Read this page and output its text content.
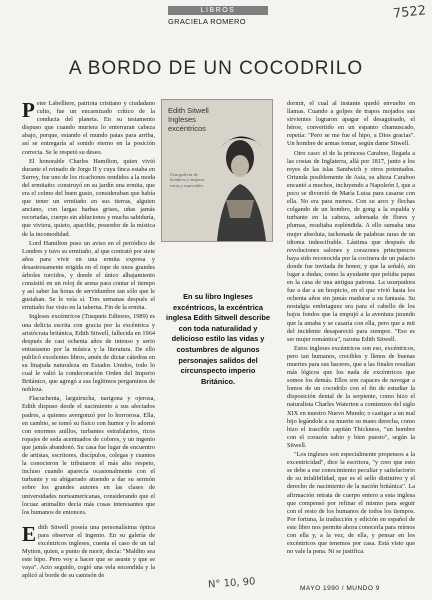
LIBROS
GRACIELA ROMERO	7522
A BORDO DE UN COCODRILO
P eter Labelliere, patriota cristiano y ciudadano culto, fue un encarnizado crítico de la conducta del planeta. En su testamento dispuso que cuando muriera lo enterraran cabeza abajo, porque, estando el mundo patas para arriba, así se entregaría al sonido eterno en la posición correcta. Se le respetó su deseo.

El honorable Charles Hamilton, quien vivió durante el reinado de Jorge II y cuya finca estaba en Surrey, fue uno de los ricachones rendidos a la moda del ermitaño: construyó en su jardín una ermita, que era el colmo del buen gusto, consideraban que había que tener un ermitaño en sus tierras, alguien anciano, con largas barbas grises, uñas jamás recortadas, cuerpo sin abluciones y mucha sabiduría, que viviera, quieto, apacible, poseedor de la mística de la incomodidad.

Lord Hamilton puso un aviso en el periódico de Londres y tuvo su ermitaño, al que contrató por siete años para vivir en una ermita expresa y desastrosamente erigida en el tope de unos grandes árboles torcidos, y donde el único alhajamiento consistió en un reloj de arena para contar el tiempo y así saber las horas de servidumbre tan sólo que le gustaban. Se le veía sí. Tres semanas después el ermitaño fue visto en la taberna. Fin de la ermita.

Ingleses excéntricos (Tusquets Editores, 1989) es una delicia escrita con gracia por la excéntrica y aristócrata británica, Edith Sitwell, fallecida en 1964 después de casi ochenta años de intenso y serio entusiasmo por la música y la literatura. De ello publicó excelentes libros, amén de dictar cátedras en su linajuda naturaleza en Estados Unidos, todo lo cual le valió la condecoración Orden del Imperio Británico, que agregó a sus legítimos pergaminos de nobleza.

Flacuchenta, larguirucha, narigona y ojerosa, Edith dispuso desde el nacimiento a sus afectados padres, a quienes avergonzó por lo horrorosa. Ella, en cambio, se tomó su físico con humor y lo adornó con enormes anillos, turbantes estrafalarios, ricos ropajes de seda acentuados de colores, y un ingenio que jamás abandonó. Su casa fue lugar de encuentro de artistas, escritores, discípulos, colegas y cuantos la conocieron le tributaron el más alto respeto, incluso cuando aparecía ocasionalmente con el turbante y su abigarrado atuendo a dar su sermón sobre los grandes autores en las clases de universidades norteamericanas, considerando que el locuaz animalito decía más cosas interesantes que los humanos de entonces.

E dith Sitwell poseía una personalísima óptica para observar el ingenio. En su galería de excéntricos ingleses, cuenta el caso de un tal Mytton, quien, a punto de morir, decía: "Maldito sea este hipo. Pero voy a hacer que se asuste y que se vaya". Acto seguido, cogió una vela encendida y la aplicó al borde de su camisón de

Edith Sitwell
Ingleses excéntricos
Una galería de hombres y mujeres raros y especiales
En su libro Ingleses excéntricos, la excéntrica inglesa Edith Sitwell describe con toda naturalidad y delicioso estilo las vidas y costumbres de algunos personajes salidos del circunspecto imperio Británico.

dormir, el cual al instante quedó envuelto en llamas. Cuando a golpes de trapos mojados sus sirvientes lograron apagar el desaguisado, el héroe, convertido en un espanto chamuscado, repetía: "Pero se me fue el hipo, a Dios gracias". Un hombre de armas tomar, según dame Sitwell.

Otro caso: el de la princesa Caraboo, llegada a las costas de Inglaterra, allá por 1817, junto a los reyes de las islas Sandwich y otros potentados. Oriunda posiblemente de Asia, su alteza Caraboo encantó a muchos, incluyendo a Napoleón I, que a poco se divorció de María Luisa para casarse con ella. No era para menos. Con su arco y flechas colgando de un hombro, de gong a la espalda y turbante en la cabeza, adornada de flores y plumas, resultaba espléndida. A ello sumaba una mujer absoluta, tachonada de palabras raras de un idioma indescifrable. Lástima que después de revoluciones salones y corazones principescos haya sido reconocida por la cocinera de un palacio donde fue invitada de honor, y que la señaló, sin lugar a dudas, como la ayudante que peluba papas en la casa de una antigua patrona. La usurpadora fue a dar a un hospicio, en el que vivió hasta los ochenta años sin jamás madurar a su fantasía. Su nostalgia embriaguez era para el cabello de los bajos fondos que la empujó a la aventura jurando que la amaba y se casaría con ella, pero que a mit del incidente desapareció para siempre. "Eso es ser mujer romántica", razona Edith Sitwell.

Estos ingleses excéntricos son eso, excéntricos, pero tan humanos, crecibles y llenos de buenas muertes para sus haceres, que a las finales resultan más lógicos que los nada de excéntricos que somos los demás. Ellos son capaces de navegar a lomos de un cocodrilo con el fin de estudiar la disposición dental de la serpiente, como hizo el naturalista Charles Waterton a comienzos del siglo XIX en nuestro Nuevo Mundo; o castigar a un mal hijo legándole a su muerte su mano derecha, como hizo el irascible capitán Thickness, "un hombre con el corazón sabio y bien puesto", según la Sitwell.

"Los ingleses son especialmente propensos a la excentricidad", dice la escritora, "y creo que esto se debe a ese conocimiento peculiar y satisfactorio de su infalibilidad, que es el sello distintivo y el derecho de nacimiento de la nación británica". La afirmación retrata de cuerpo entero a esta inglesa que compensó por refinar el mismo para seguir con el resto de los humanos de todos los tiempos. Por fortuna, la traducción y edición en español de este libro nos permite ahora conocerla para reírnos con ella y, a la vez, de ella, y pensar en los excéntricos que tenemos por casa. Está visto que no vale la pena. Ni se justifica.

MAYO 1990 / MUNDO 9
N° 10, 90
